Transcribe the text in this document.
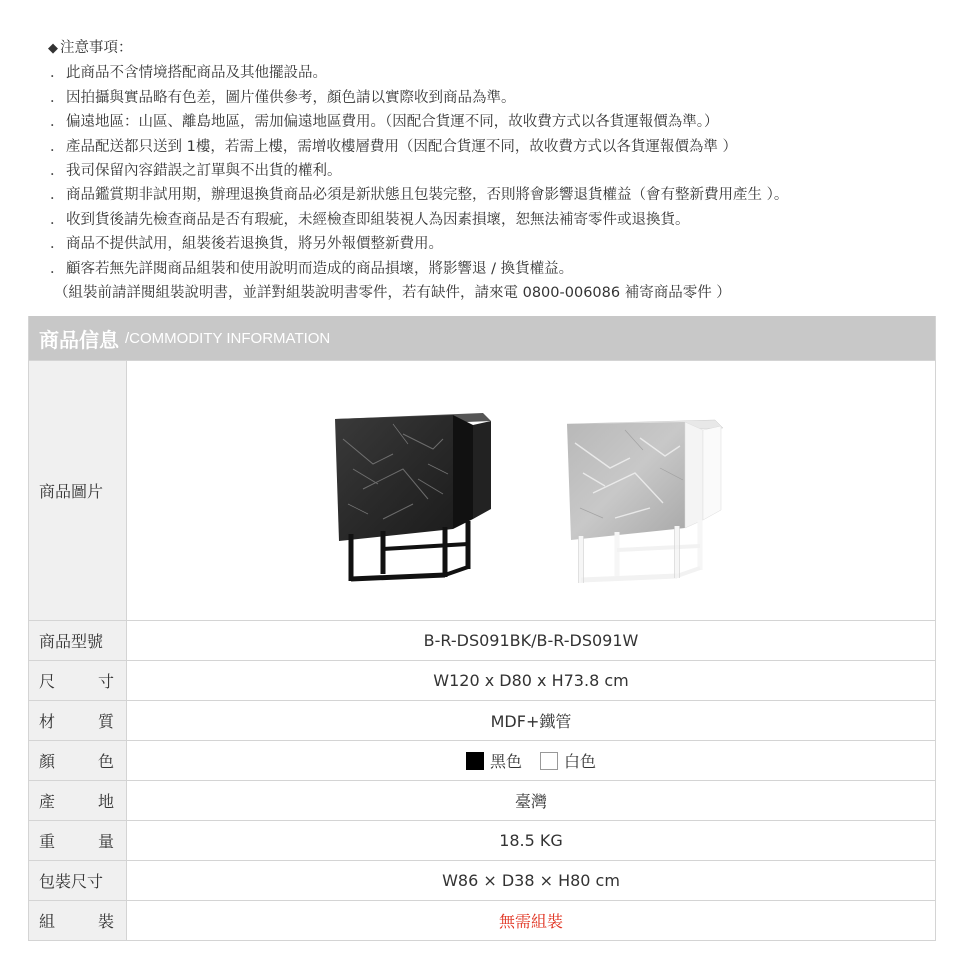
◆ 注意事項：
． 此商品不含情境搭配商品及其他擺設品。
． 因拍攝與實品略有色差，圖片僅供參考，顏色請以實際收到商品為準。
． 偏遠地區：山區、離島地區，需加偏遠地區費用。（因配合貨運不同，故收費方式以各貨運報價為準。）
． 產品配送都只送到 1樓，若需上樓，需增收樓層費用（因配合貨運不同，故收費方式以各貨運報價為準 ）
． 我司保留內容錯誤之訂單與不出貨的權利。
． 商品鑑賞期非試用期，辦理退換貨商品必須是新狀態且包裝完整，否則將會影響退貨權益（會有整新費用產生 ）。
． 收到貨後請先檢查商品是否有瑕疵，未經檢查即組裝視人為因素損壞，恕無法補寄零件或退換貨。
． 商品不提供試用，組裝後若退換貨，將另外報價整新費用。
． 顧客若無先詳閱商品組裝和使用說明而造成的商品損壞，將影響退 / 換貨權益。
（組裝前請詳閱組裝說明書，並詳對組裝說明書零件，若有缺件，請來電 0800-006086 補寄商品零件 ）
商品信息 /COMMODITY INFORMATION
商品圖片
商品型號	B-R-DS091BK/B-R-DS091W
尺	寸	W120 x D80 x H73.8 cm
材	質	MDF+鐵管
顏	色	黑色	白色
產	地	臺灣
重	量	18.5 KG
包裝尺寸	W86 × D38 × H80 cm
組	裝	無需組裝
